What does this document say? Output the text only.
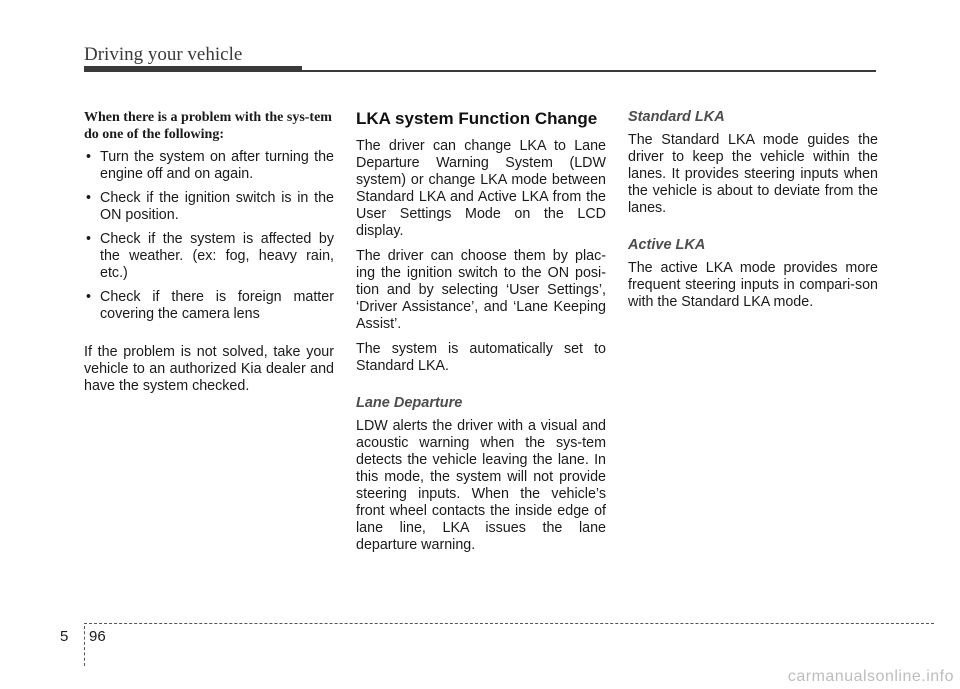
Driving your vehicle

When there is a problem with the sys-tem do one of the following:

• Turn the system on after turning the engine off and on again.
• Check if the ignition switch is in the ON position.
• Check if the system is affected by the weather. (ex: fog, heavy rain, etc.)
• Check if there is foreign matter covering the camera lens

If the problem is not solved, take your vehicle to an authorized Kia dealer and have the system checked.

LKA system Function Change

The driver can change LKA to Lane Departure Warning System (LDW system) or change LKA mode between Standard LKA and Active LKA from the User Settings Mode on the LCD display.

The driver can choose them by plac-ing the ignition switch to the ON posi-tion and by selecting ‘User Settings’, ‘Driver Assistance’, and ‘Lane Keeping Assist’.

The system is automatically set to Standard LKA.

Lane Departure

LDW alerts the driver with a visual and acoustic warning when the sys-tem detects the vehicle leaving the lane. In this mode, the system will not provide steering inputs. When the vehicle’s front wheel contacts the inside edge of lane line, LKA issues the lane departure warning.

Standard LKA

The Standard LKA mode guides the driver to keep the vehicle within the lanes. It provides steering inputs when the vehicle is about to deviate from the lanes.

Active LKA

The active LKA mode provides more frequent steering inputs in compari-son with the Standard LKA mode.

5 96
carmanualsonline.info
